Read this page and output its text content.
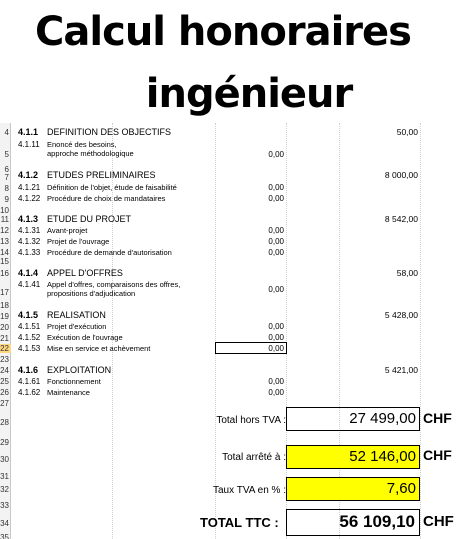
Calcul honoraires
ingénieur
4
5
6
7
8
9
10
11
12
13
14
15
16
17
18
19
20
21
22
23
24
25
26
27
28
29
30
31
32
33
34
35
4.1.1 DEFINITION DES OBJECTIFS	50,00
4.1.11 Enoncé des besoins,
approche méthodologique	0,00
4.1.2 ETUDES PRELIMINAIRES	8 000,00
4.1.21 Définition de l'objet, étude de faisabilité	0,00
4.1.22 Procédure de choix de mandataires	0,00
4.1.3 ETUDE DU PROJET	8 542,00
4.1.31 Avant-projet	0,00
4.1.32 Projet de l'ouvrage	0,00
4.1.33 Procédure de demande d'autorisation	0,00
4.1.4 APPEL D'OFFRES	58,00
4.1.41 Appel d'offres, comparaisons des offres,
propositions d'adjudication	0,00
4.1.5 REALISATION	5 428,00
4.1.51 Projet d'exécution	0,00
4.1.52 Exécution de l'ouvrage	0,00
4.1.53 Mise en service et achèvement	0,00
4.1.6 EXPLOITATION	5 421,00
4.1.61 Fonctionnement	0,00
4.1.62 Maintenance	0,00
Total hors TVA :	27 499,00 CHF
Total arrêté à :	52 146,00 CHF
Taux TVA en % :	7,60
TOTAL TTC :	56 109,10 CHF
